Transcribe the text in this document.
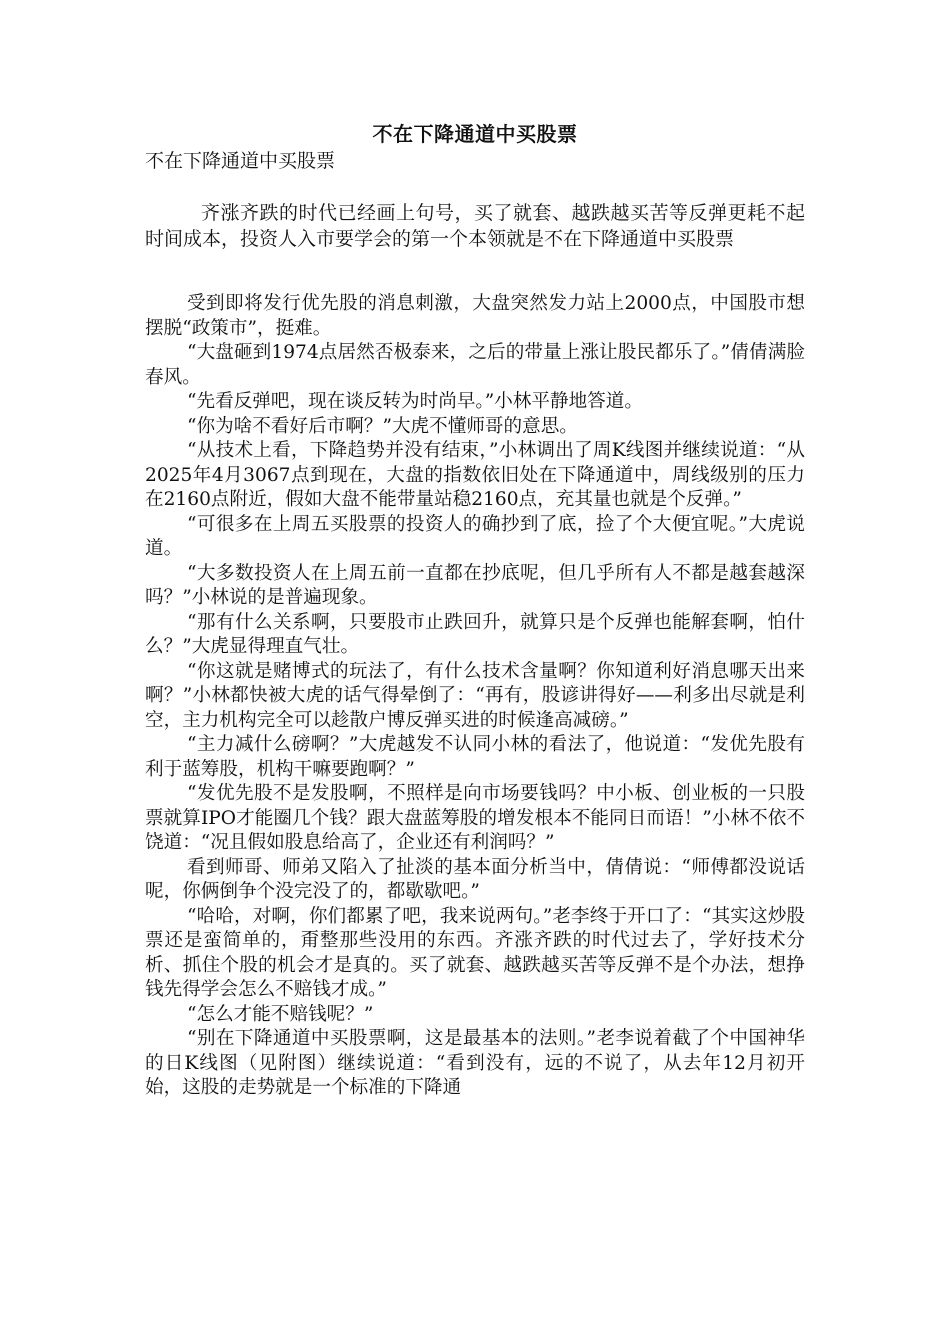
不在下降通道中买股票

不在下降通道中买股票

齐涨齐跌的时代已经画上句号，买了就套、越跌越买苦等反弹更耗不起时间成本，投资人入市要学会的第一个本领就是不在下降通道中买股票

受到即将发行优先股的消息刺激，大盘突然发力站上2000点，中国股市想摆脱“政策市”，挺难。

“大盘砸到1974点居然否极泰来，之后的带量上涨让股民都乐了。”倩倩满脸春风。

“先看反弹吧，现在谈反转为时尚早。”小林平静地答道。

“你为啥不看好后市啊？”大虎不懂师哥的意思。

“从技术上看，下降趋势并没有结束，”小林调出了周K线图并继续说道：“从2025年4月3067点到现在，大盘的指数依旧处在下降通道中，周线级别的压力在2160点附近，假如大盘不能带量站稳2160点，充其量也就是个反弹。”

“可很多在上周五买股票的投资人的确抄到了底，捡了个大便宜呢。”大虎说道。

“大多数投资人在上周五前一直都在抄底呢，但几乎所有人不都是越套越深吗？”小林说的是普遍现象。

“那有什么关系啊，只要股市止跌回升，就算只是个反弹也能解套啊，怕什么？”大虎显得理直气壮。

“你这就是赌博式的玩法了，有什么技术含量啊？你知道利好消息哪天出来啊？”小林都快被大虎的话气得晕倒了：“再有，股谚讲得好——利多出尽就是利空，主力机构完全可以趁散户博反弹买进的时候逢高减磅。”

“主力减什么磅啊？”大虎越发不认同小林的看法了，他说道：“发优先股有利于蓝筹股，机构干嘛要跑啊？”

“发优先股不是发股啊，不照样是向市场要钱吗？中小板、创业板的一只股票就算IPO才能圈几个钱？跟大盘蓝筹股的增发根本不能同日而语！”小林不依不饶道：“况且假如股息给高了，企业还有利润吗？”

看到师哥、师弟又陷入了扯淡的基本面分析当中，倩倩说：“师傅都没说话呢，你俩倒争个没完没了的，都歇歇吧。”

“哈哈，对啊，你们都累了吧，我来说两句。”老李终于开口了：“其实这炒股票还是蛮简单的，甭整那些没用的东西。齐涨齐跌的时代过去了，学好技术分析、抓住个股的机会才是真的。买了就套、越跌越买苦等反弹不是个办法，想挣钱先得学会怎么不赔钱才成。”

“怎么才能不赔钱呢？”

“别在下降通道中买股票啊，这是最基本的法则。”老李说着截了个中国神华的日K线图（见附图）继续说道：“看到没有，远的不说了，从去年12月初开始，这股的走势就是一个标准的下降通
